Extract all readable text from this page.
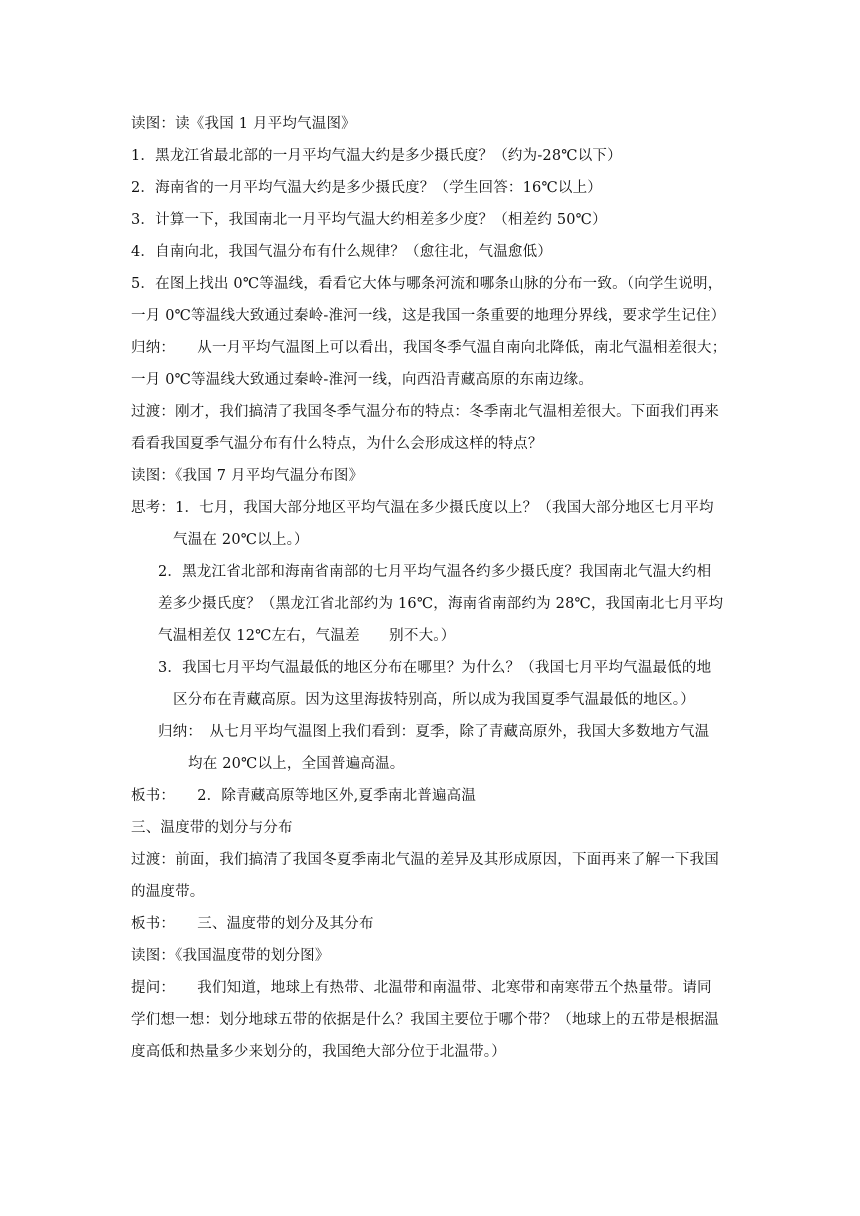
读图：读《我国 1 月平均气温图》

1．黑龙江省最北部的一月平均气温大约是多少摄氏度？（约为-28℃以下）

2．海南省的一月平均气温大约是多少摄氏度？（学生回答：16℃以上）

3．计算一下，我国南北一月平均气温大约相差多少度？（相差约 50℃）

4．自南向北，我国气温分布有什么规律？（愈往北，气温愈低）

5．在图上找出 0℃等温线，看看它大体与哪条河流和哪条山脉的分布一致。（向学生说明，
一月 0℃等温线大致通过秦岭-淮河一线，这是我国一条重要的地理分界线，要求学生记住）

归纳：　　从一月平均气温图上可以看出，我国冬季气温自南向北降低，南北气温相差很大；
一月 0℃等温线大致通过秦岭-淮河一线，向西沿青藏高原的东南边缘。

过渡：刚才，我们搞清了我国冬季气温分布的特点：冬季南北气温相差很大。下面我们再来
看看我国夏季气温分布有什么特点，为什么会形成这样的特点？

读图：《我国 7 月平均气温分布图》

思考：1．七月，我国大部分地区平均气温在多少摄氏度以上？（我国大部分地区七月平均
气温在 20℃以上。）

2．黑龙江省北部和海南省南部的七月平均气温各约多少摄氏度？我国南北气温大约相
差多少摄氏度？（黑龙江省北部约为 16℃，海南省南部约为 28℃，我国南北七月平均
气温相差仅 12℃左右，气温差　　别不大。）

3．我国七月平均气温最低的地区分布在哪里？为什么？（我国七月平均气温最低的地
区分布在青藏高原。因为这里海拔特别高，所以成为我国夏季气温最低的地区。）

归纳：　从七月平均气温图上我们看到：夏季，除了青藏高原外，我国大多数地方气温
均在 20℃以上，全国普遍高温。

板书：　　2．除青藏高原等地区外,夏季南北普遍高温

三、温度带的划分与分布

过渡：前面，我们搞清了我国冬夏季南北气温的差异及其形成原因，下面再来了解一下我国
的温度带。

板书：　　三、温度带的划分及其分布

读图：《我国温度带的划分图》

提问：　　我们知道，地球上有热带、北温带和南温带、北寒带和南寒带五个热量带。请同
学们想一想：划分地球五带的依据是什么？我国主要位于哪个带？（地球上的五带是根据温
度高低和热量多少来划分的，我国绝大部分位于北温带。）
